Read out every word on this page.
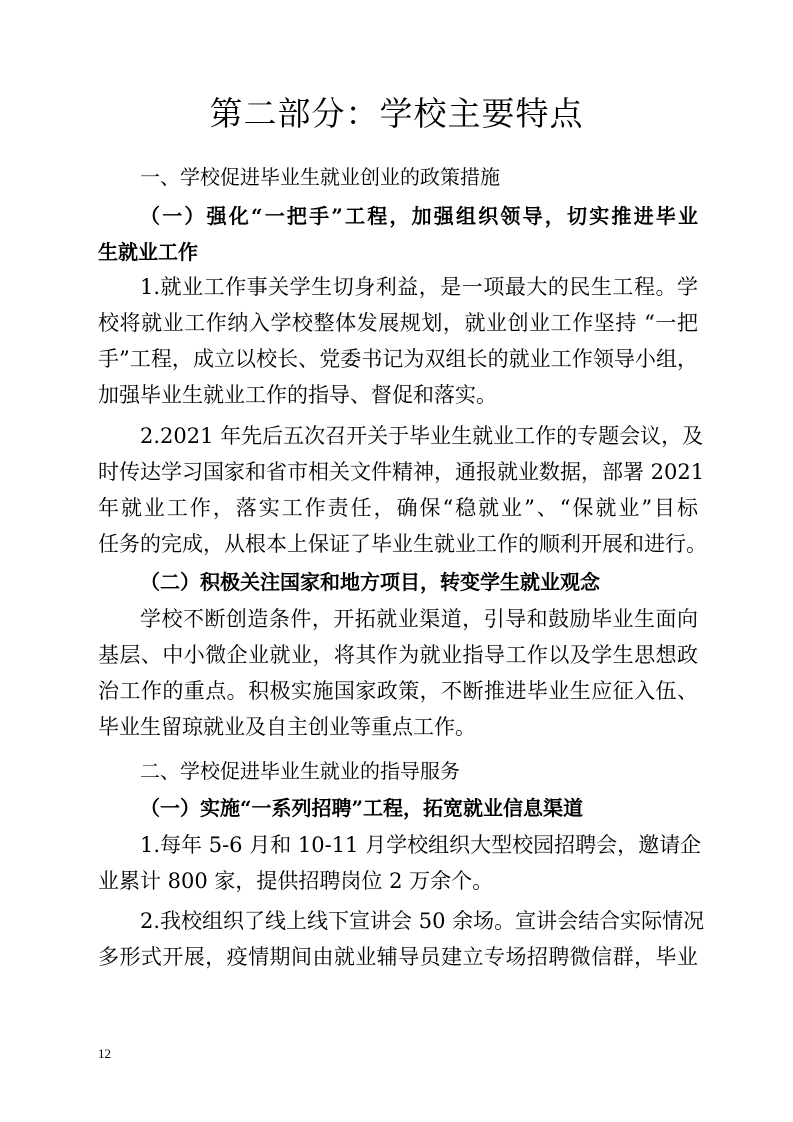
第二部分：学校主要特点

一、学校促进毕业生就业创业的政策措施

（一）强化“一把手”工程，加强组织领导，切实推进毕业

生就业工作

1.就业工作事关学生切身利益，是一项最大的民生工程。学

校将就业工作纳入学校整体发展规划，就业创业工作坚持 “一把

手”工程，成立以校长、党委书记为双组长的就业工作领导小组，

加强毕业生就业工作的指导、督促和落实。

2.2021 年先后五次召开关于毕业生就业工作的专题会议，及

时传达学习国家和省市相关文件精神，通报就业数据，部署 2021

年就业工作，落实工作责任，确保“稳就业”、“保就业”目标

任务的完成，从根本上保证了毕业生就业工作的顺利开展和进行。

（二）积极关注国家和地方项目，转变学生就业观念

学校不断创造条件，开拓就业渠道，引导和鼓励毕业生面向

基层、中小微企业就业，将其作为就业指导工作以及学生思想政

治工作的重点。积极实施国家政策，不断推进毕业生应征入伍、

毕业生留琼就业及自主创业等重点工作。

二、学校促进毕业生就业的指导服务

（一）实施“一系列招聘”工程，拓宽就业信息渠道

1.每年 5-6 月和 10-11 月学校组织大型校园招聘会，邀请企

业累计 800 家，提供招聘岗位 2 万余个。

2.我校组织了线上线下宣讲会 50 余场。宣讲会结合实际情况

多形式开展，疫情期间由就业辅导员建立专场招聘微信群，毕业

12
